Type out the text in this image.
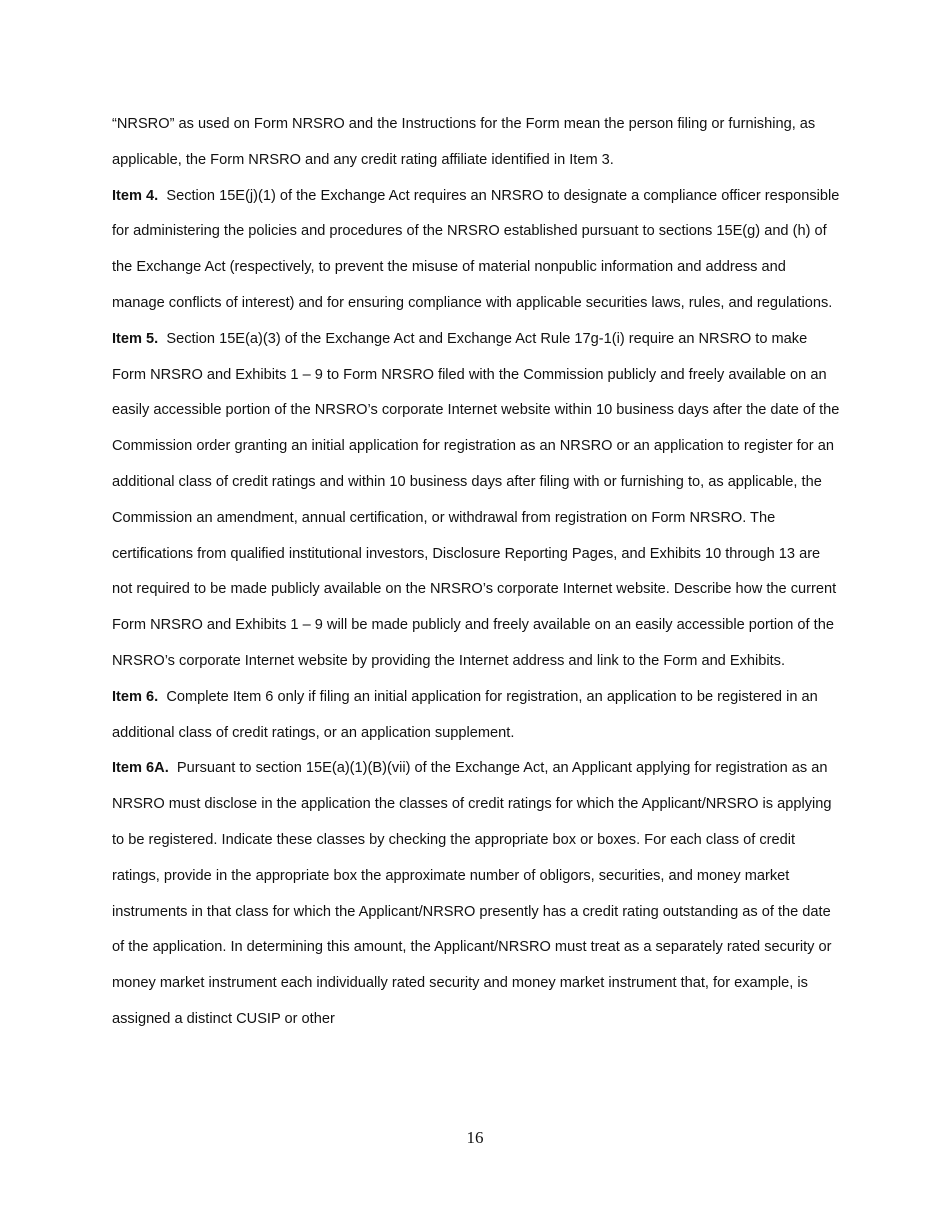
“NRSRO” as used on Form NRSRO and the Instructions for the Form mean the person filing or furnishing, as applicable, the Form NRSRO and any credit rating affiliate identified in Item 3.

Item 4. Section 15E(j)(1) of the Exchange Act requires an NRSRO to designate a compliance officer responsible for administering the policies and procedures of the NRSRO established pursuant to sections 15E(g) and (h) of the Exchange Act (respectively, to prevent the misuse of material nonpublic information and address and manage conflicts of interest) and for ensuring compliance with applicable securities laws, rules, and regulations.

Item 5. Section 15E(a)(3) of the Exchange Act and Exchange Act Rule 17g-1(i) require an NRSRO to make Form NRSRO and Exhibits 1 – 9 to Form NRSRO filed with the Commission publicly and freely available on an easily accessible portion of the NRSRO’s corporate Internet website within 10 business days after the date of the Commission order granting an initial application for registration as an NRSRO or an application to register for an additional class of credit ratings and within 10 business days after filing with or furnishing to, as applicable, the Commission an amendment, annual certification, or withdrawal from registration on Form NRSRO. The certifications from qualified institutional investors, Disclosure Reporting Pages, and Exhibits 10 through 13 are not required to be made publicly available on the NRSRO’s corporate Internet website. Describe how the current Form NRSRO and Exhibits 1 – 9 will be made publicly and freely available on an easily accessible portion of the NRSRO’s corporate Internet website by providing the Internet address and link to the Form and Exhibits.

Item 6. Complete Item 6 only if filing an initial application for registration, an application to be registered in an additional class of credit ratings, or an application supplement.

Item 6A. Pursuant to section 15E(a)(1)(B)(vii) of the Exchange Act, an Applicant applying for registration as an NRSRO must disclose in the application the classes of credit ratings for which the Applicant/NRSRO is applying to be registered. Indicate these classes by checking the appropriate box or boxes. For each class of credit ratings, provide in the appropriate box the approximate number of obligors, securities, and money market instruments in that class for which the Applicant/NRSRO presently has a credit rating outstanding as of the date of the application. In determining this amount, the Applicant/NRSRO must treat as a separately rated security or money market instrument each individually rated security and money market instrument that, for example, is assigned a distinct CUSIP or other

16
